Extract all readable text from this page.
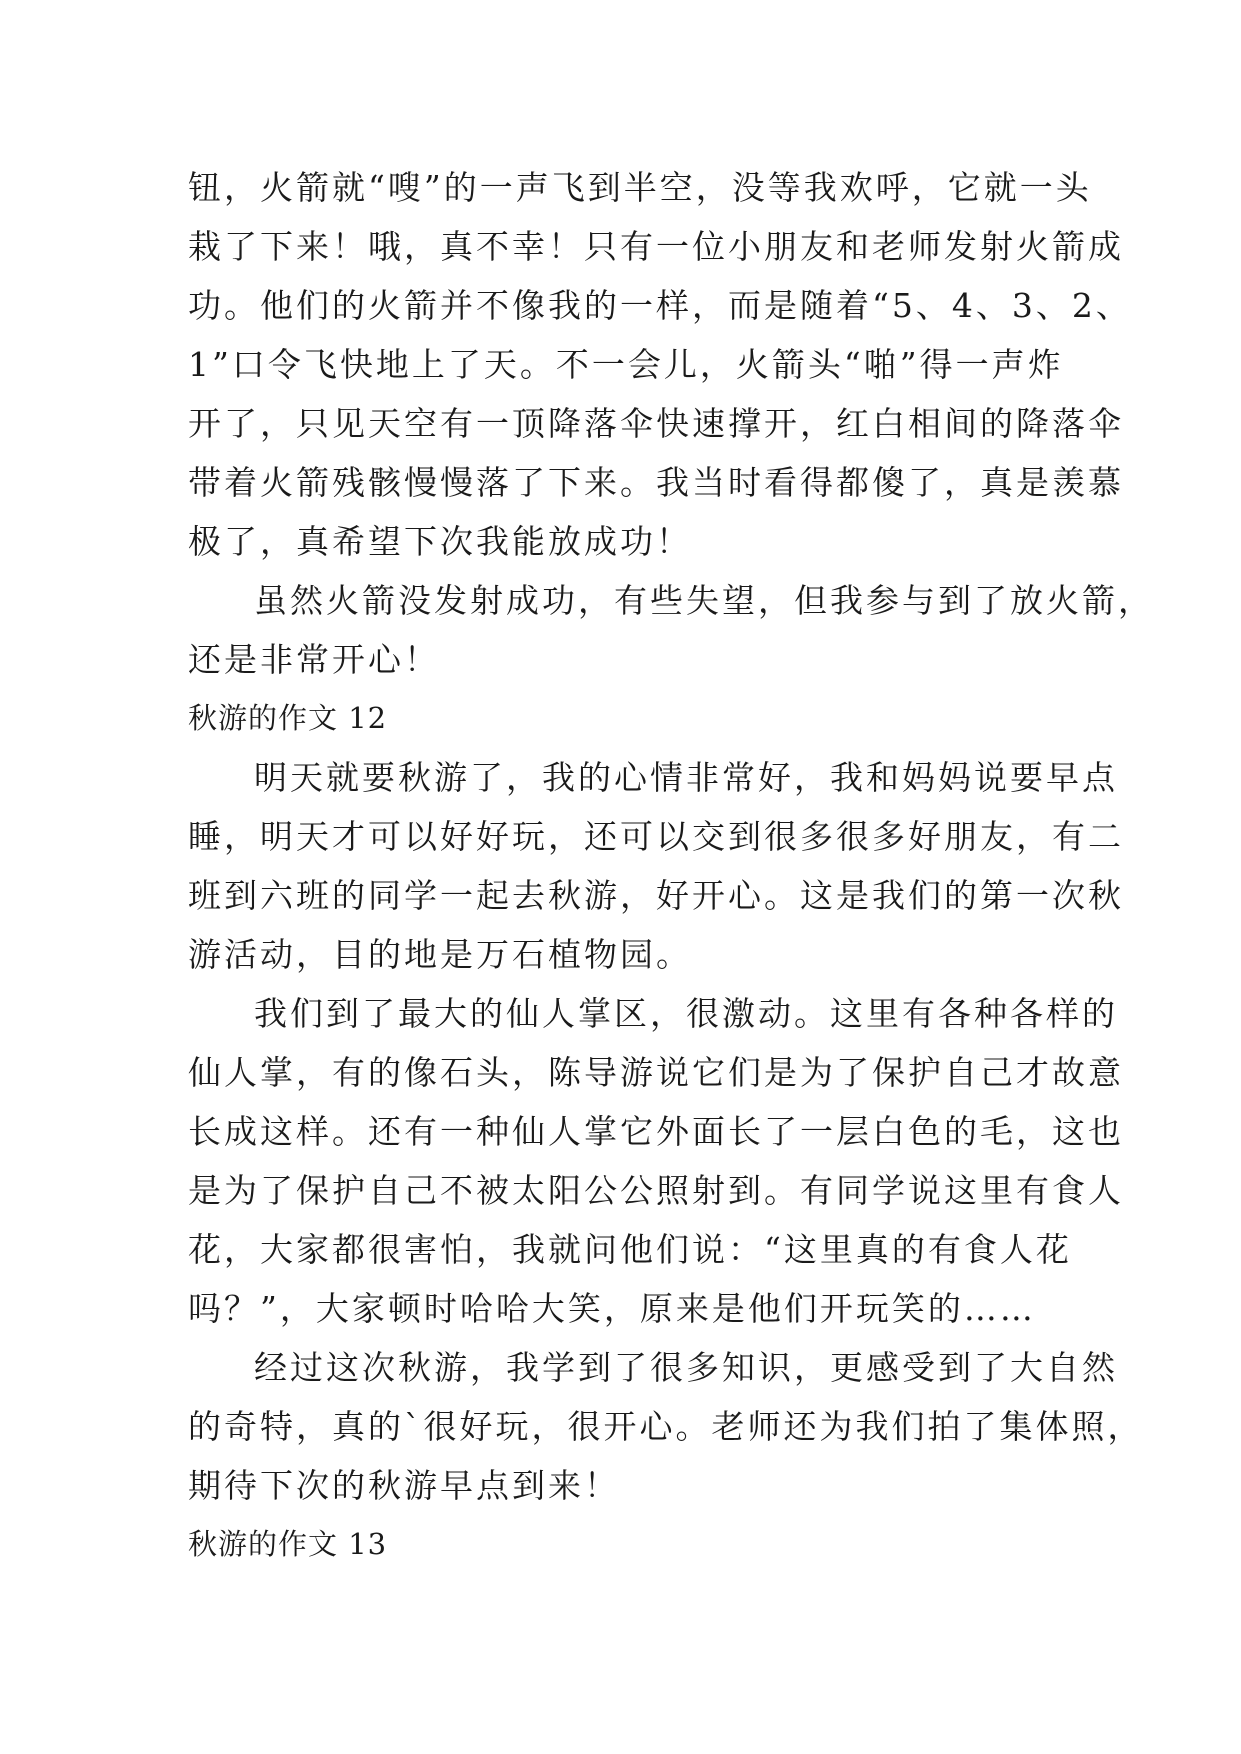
钮，火箭就“嗖”的一声飞到半空，没等我欢呼，它就一头
栽了下来！哦，真不幸！只有一位小朋友和老师发射火箭成
功。他们的火箭并不像我的一样，而是随着“5、4、3、2、
1”口令飞快地上了天。不一会儿，火箭头“啪”得一声炸
开了，只见天空有一顶降落伞快速撑开，红白相间的降落伞
带着火箭残骸慢慢落了下来。我当时看得都傻了，真是羡慕
极了，真希望下次我能放成功！
虽然火箭没发射成功，有些失望，但我参与到了放火箭，
还是非常开心！
秋游的作文 12
明天就要秋游了，我的心情非常好，我和妈妈说要早点
睡，明天才可以好好玩，还可以交到很多很多好朋友，有二
班到六班的同学一起去秋游，好开心。这是我们的第一次秋
游活动，目的地是万石植物园。
我们到了最大的仙人掌区，很激动。这里有各种各样的
仙人掌，有的像石头，陈导游说它们是为了保护自己才故意
长成这样。还有一种仙人掌它外面长了一层白色的毛，这也
是为了保护自己不被太阳公公照射到。有同学说这里有食人
花，大家都很害怕，我就问他们说：“这里真的有食人花
吗？”，大家顿时哈哈大笑，原来是他们开玩笑的……
经过这次秋游，我学到了很多知识，更感受到了大自然
的奇特，真的`很好玩，很开心。老师还为我们拍了集体照，
期待下次的秋游早点到来！
秋游的作文 13
